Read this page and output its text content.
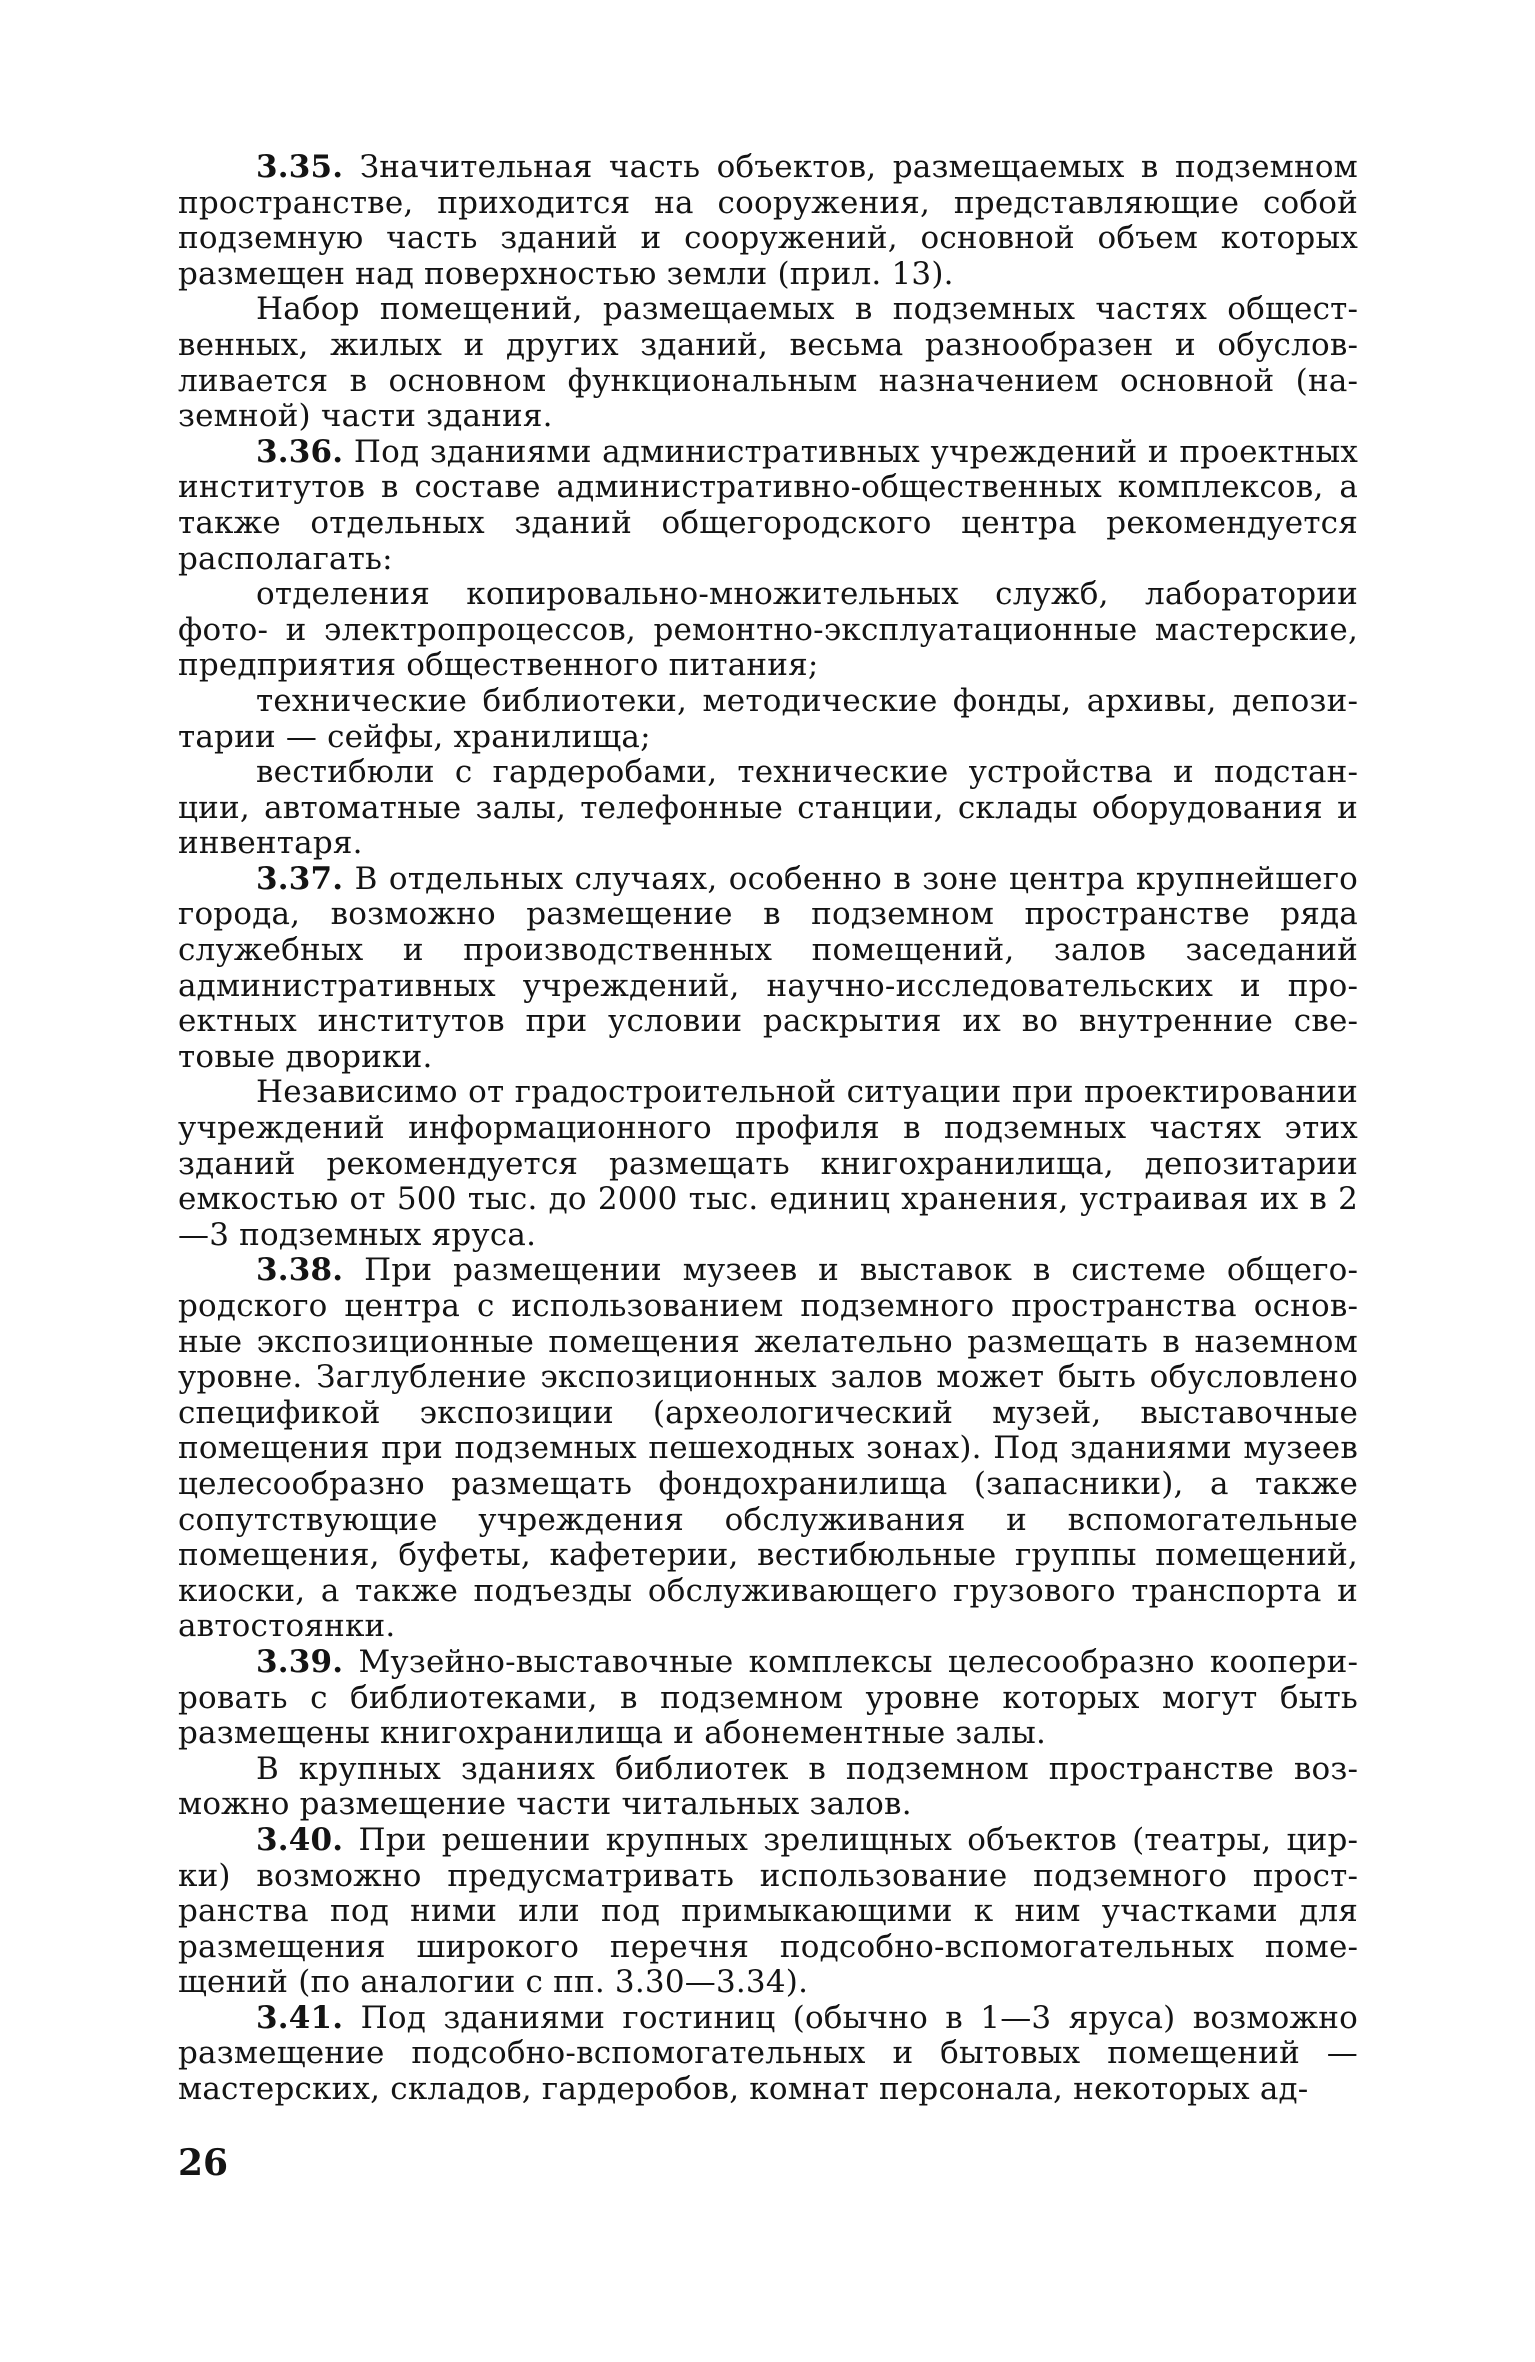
3.35. Значительная часть объектов, размещаемых в подземном пространстве, приходится на сооружения, представляющие собой подземную часть зданий и сооружений, основной объем которых размещен над поверхностью земли (прил. 13).

Набор помещений, размещаемых в подземных частях общественных, жилых и других зданий, весьма разнообразен и обусловливается в основном функциональным назначением основной (наземной) части здания.

3.36. Под зданиями административных учреждений и проектных институтов в составе административно-общественных комплексов, а также отдельных зданий общегородского центра рекомендуется располагать:

отделения копировально-множительных служб, лаборатории фото- и электропроцессов, ремонтно-эксплуатационные мастерские, предприятия общественного питания;

технические библиотеки, методические фонды, архивы, депозитарии — сейфы, хранилища;

вестибюли с гардеробами, технические устройства и подстанции, автоматные залы, телефонные станции, склады оборудования и инвентаря.

3.37. В отдельных случаях, особенно в зоне центра крупнейшего города, возможно размещение в подземном пространстве ряда служебных и производственных помещений, залов заседаний административных учреждений, научно-исследовательских и проектных институтов при условии раскрытия их во внутренние световые дворики.

Независимо от градостроительной ситуации при проектировании учреждений информационного профиля в подземных частях этих зданий рекомендуется размещать книгохранилища, депозитарии емкостью от 500 тыс. до 2000 тыс. единиц хранения, устраивая их в 2—3 подземных яруса.

3.38. При размещении музеев и выставок в системе общегородского центра с использованием подземного пространства основные экспозиционные помещения желательно размещать в наземном уровне. Заглубление экспозиционных залов может быть обусловлено спецификой экспозиции (археологический музей, выставочные помещения при подземных пешеходных зонах). Под зданиями музеев целесообразно размещать фондохранилища (запасники), а также сопутствующие учреждения обслуживания и вспомогательные помещения, буфеты, кафетерии, вестибюльные группы помещений, киоски, а также подъезды обслуживающего грузового транспорта и автостоянки.

3.39. Музейно-выставочные комплексы целесообразно кооперировать с библиотеками, в подземном уровне которых могут быть размещены книгохранилища и абонементные залы.

В крупных зданиях библиотек в подземном пространстве возможно размещение части читальных залов.

3.40. При решении крупных зрелищных объектов (театры, цирки) возможно предусматривать использование подземного пространства под ними или под примыкающими к ним участками для размещения широкого перечня подсобно-вспомогательных помещений (по аналогии с пп. 3.30—3.34).

3.41. Под зданиями гостиниц (обычно в 1—3 яруса) возможно размещение подсобно-вспомогательных и бытовых помещений — мастерских, складов, гардеробов, комнат персонала, некоторых ад-

26
